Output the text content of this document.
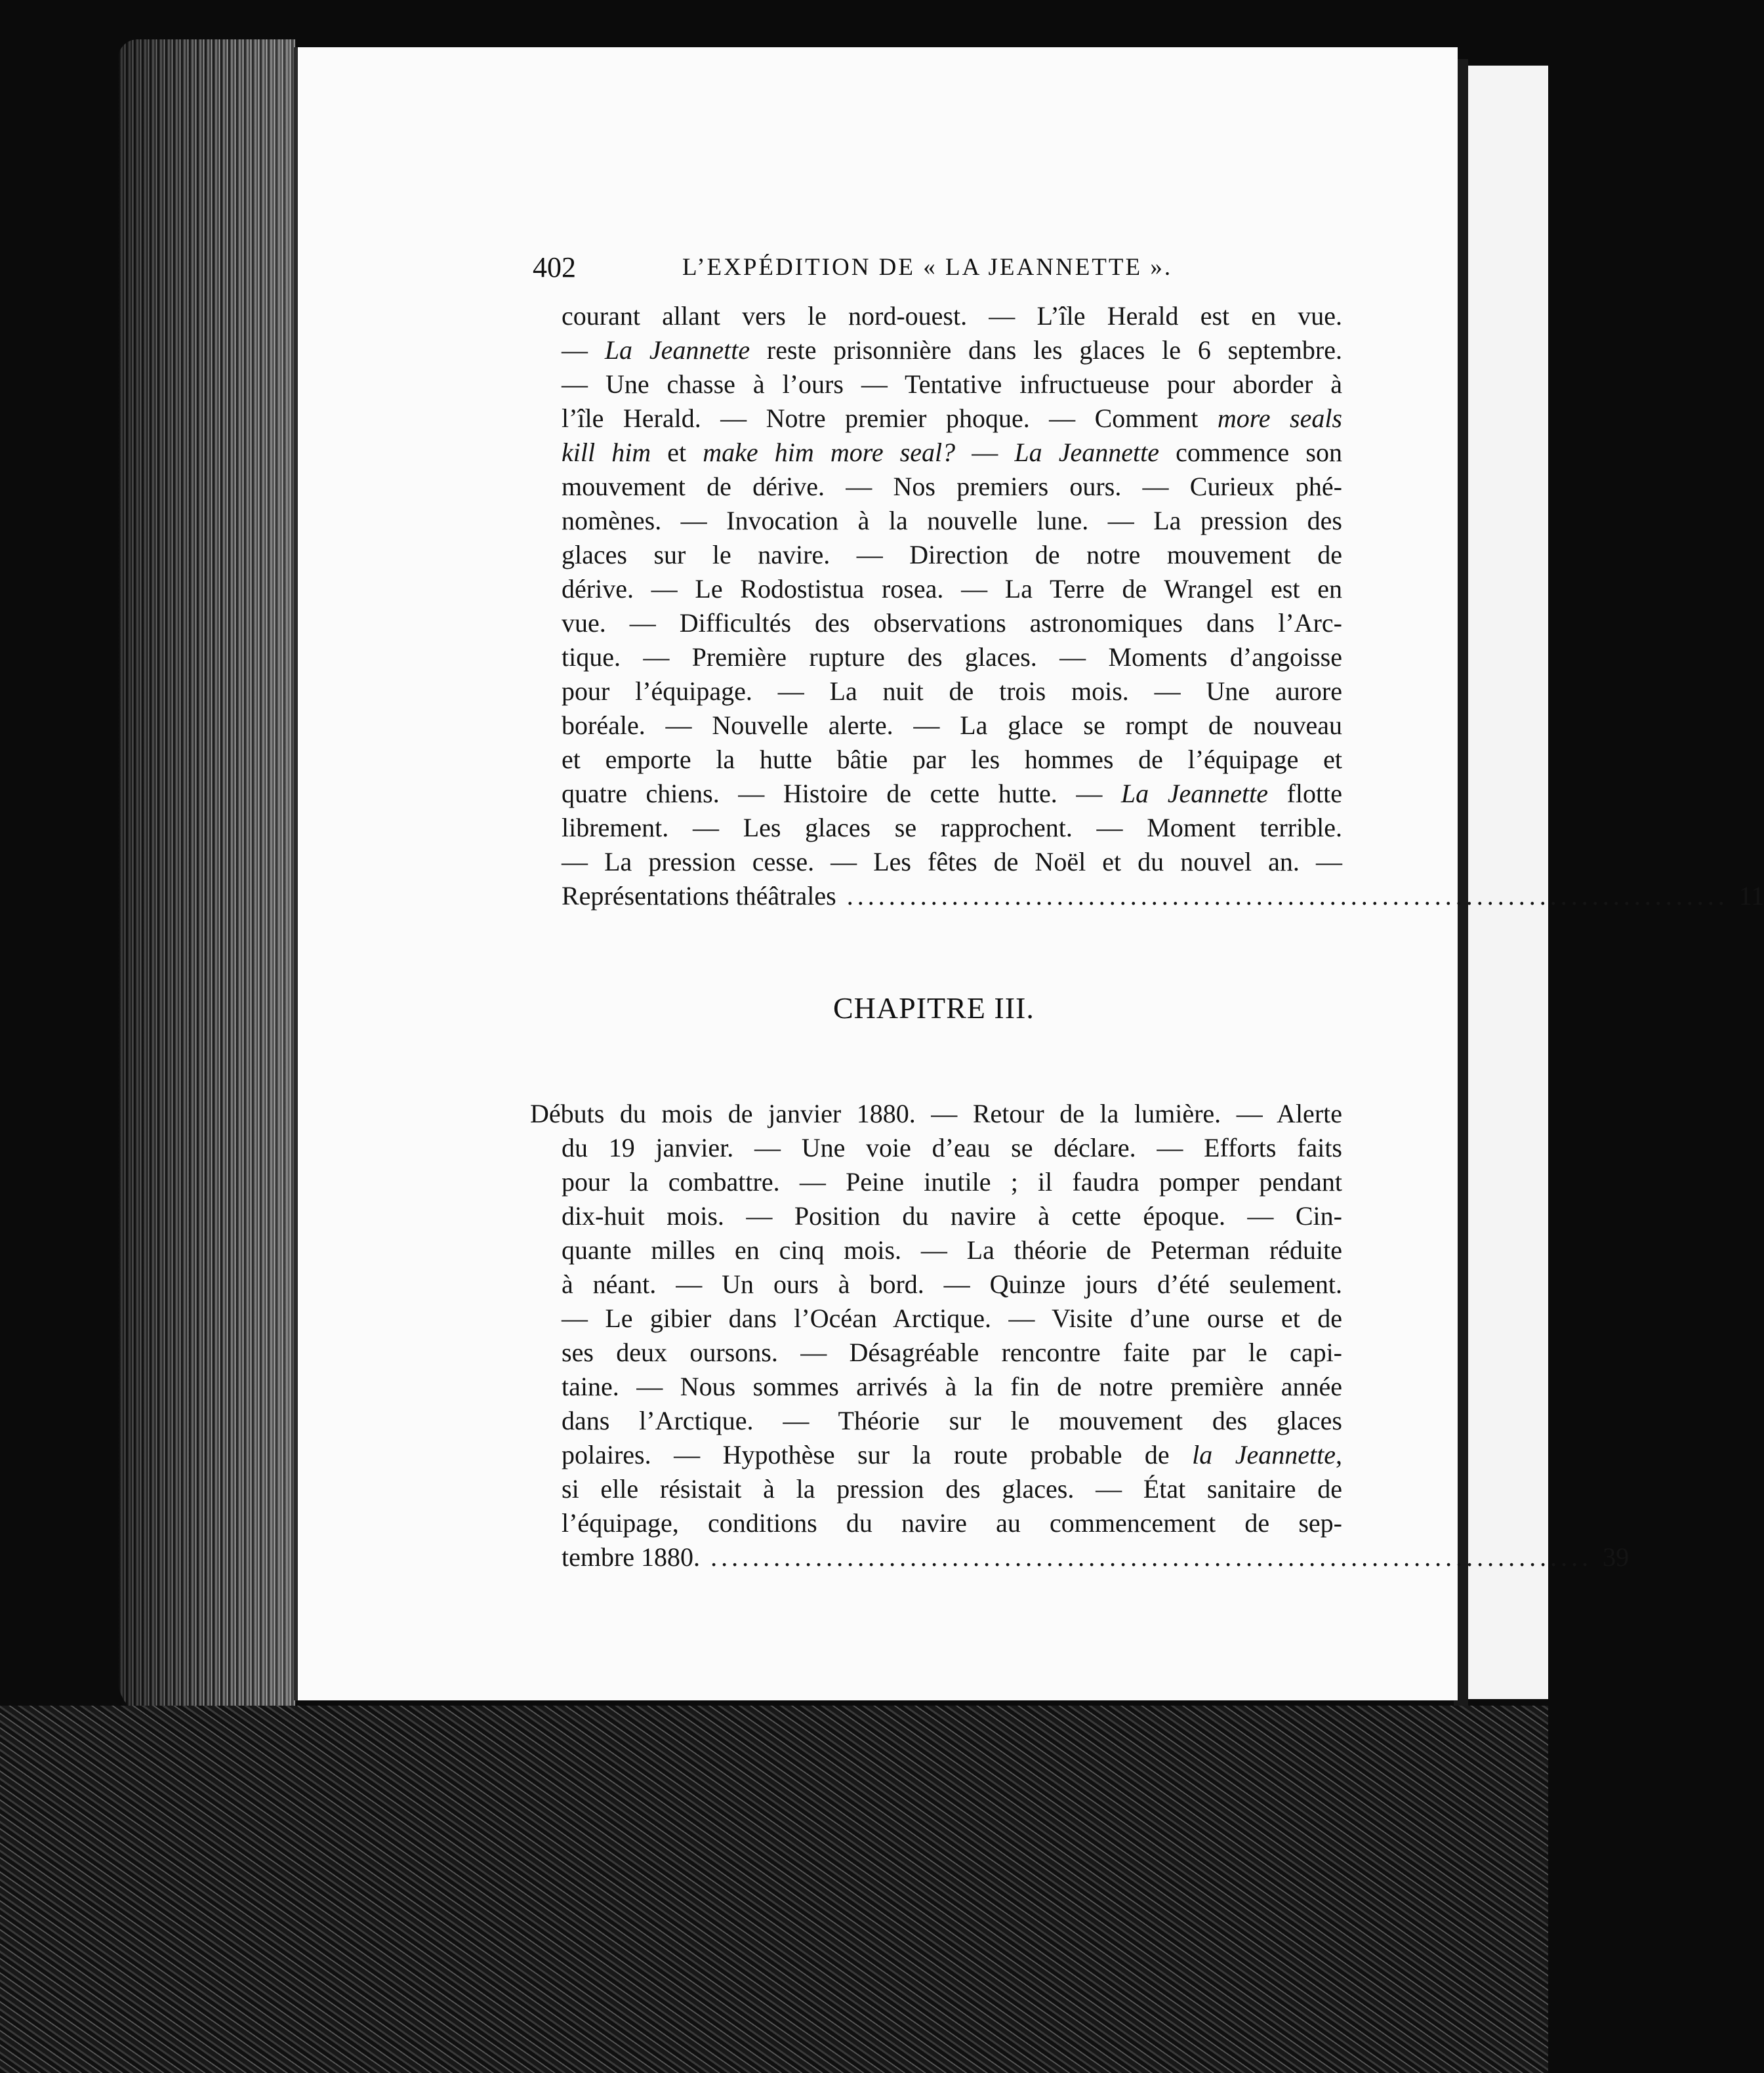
402	L’EXPÉDITION DE « LA JEANNETTE ».
courant allant vers le nord-ouest. — L’île Herald est en vue.
— La Jeannette reste prisonnière dans les glaces le 6 septembre.
— Une chasse à l’ours — Tentative infructueuse pour aborder à
l’île Herald. — Notre premier phoque. — Comment more seals
kill him et make him more seal? — La Jeannette commence son
mouvement de dérive. — Nos premiers ours. — Curieux phé-
nomènes. — Invocation à la nouvelle lune. — La pression des
glaces sur le navire. — Direction de notre mouvement de
dérive. — Le Rodostistua rosea. — La Terre de Wrangel est en
vue. — Difficultés des observations astronomiques dans l’Arc-
tique. — Première rupture des glaces. — Moments d’angoisse
pour l’équipage. — La nuit de trois mois. — Une aurore
boréale. — Nouvelle alerte. — La glace se rompt de nouveau
et emporte la hutte bâtie par les hommes de l’équipage et
quatre chiens. — Histoire de cette hutte. — La Jeannette flotte
librement. — Les glaces se rapprochent. — Moment terrible.
— La pression cesse. — Les fêtes de Noël et du nouvel an. —
Représentations théâtrales .................................................................................... 11
CHAPITRE III.
Débuts du mois de janvier 1880. — Retour de la lumière. — Alerte
du 19 janvier. — Une voie d’eau se déclare. — Efforts faits
pour la combattre. — Peine inutile ; il faudra pomper pendant
dix-huit mois. — Position du navire à cette époque. — Cin-
quante milles en cinq mois. — La théorie de Peterman réduite
à néant. — Un ours à bord. — Quinze jours d’été seulement.
— Le gibier dans l’Océan Arctique. — Visite d’une ourse et de
ses deux oursons. — Désagréable rencontre faite par le capi-
taine. — Nous sommes arrivés à la fin de notre première année
dans l’Arctique. — Théorie sur le mouvement des glaces
polaires. — Hypothèse sur la route probable de la Jeannette,
si elle résistait à la pression des glaces. — État sanitaire de
l’équipage, conditions du navire au commencement de sep-
tembre 1880. .................................................................................... 39
